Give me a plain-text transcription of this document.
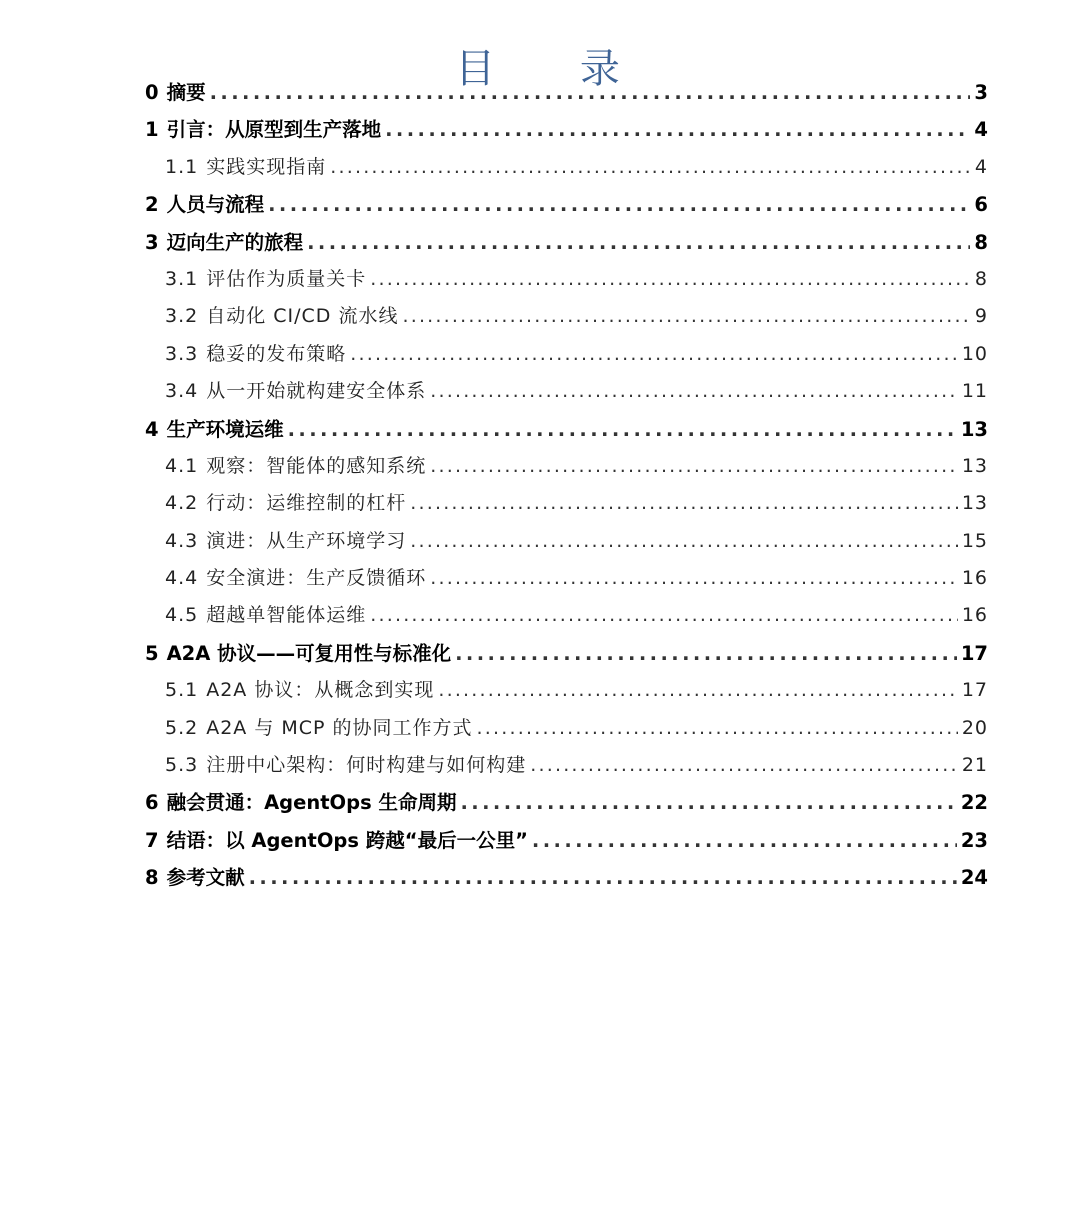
目 录
0 摘要 .....	3
1 引言：从原型到生产落地 .....	4
1.1 实践实现指南 .....	4
2 人员与流程 .....	6
3 迈向生产的旅程 .....	8
3.1 评估作为质量关卡 .....	8
3.2 自动化 CI/CD 流水线 .....	9
3.3 稳妥的发布策略 .....	10
3.4 从一开始就构建安全体系 .....	11
4 生产环境运维 .....	13
4.1 观察：智能体的感知系统 .....	13
4.2 行动：运维控制的杠杆 .....	13
4.3 演进：从生产环境学习 .....	15
4.4 安全演进：生产反馈循环 .....	16
4.5 超越单智能体运维 .....	16
5 A2A 协议——可复用性与标准化 .....	17
5.1 A2A 协议：从概念到实现 .....	17
5.2 A2A 与 MCP 的协同工作方式 .....	20
5.3 注册中心架构：何时构建与如何构建 .....	21
6 融会贯通：AgentOps 生命周期 .....	22
7 结语：以 AgentOps 跨越“最后一公里” .....	23
8 参考文献 .....	24
